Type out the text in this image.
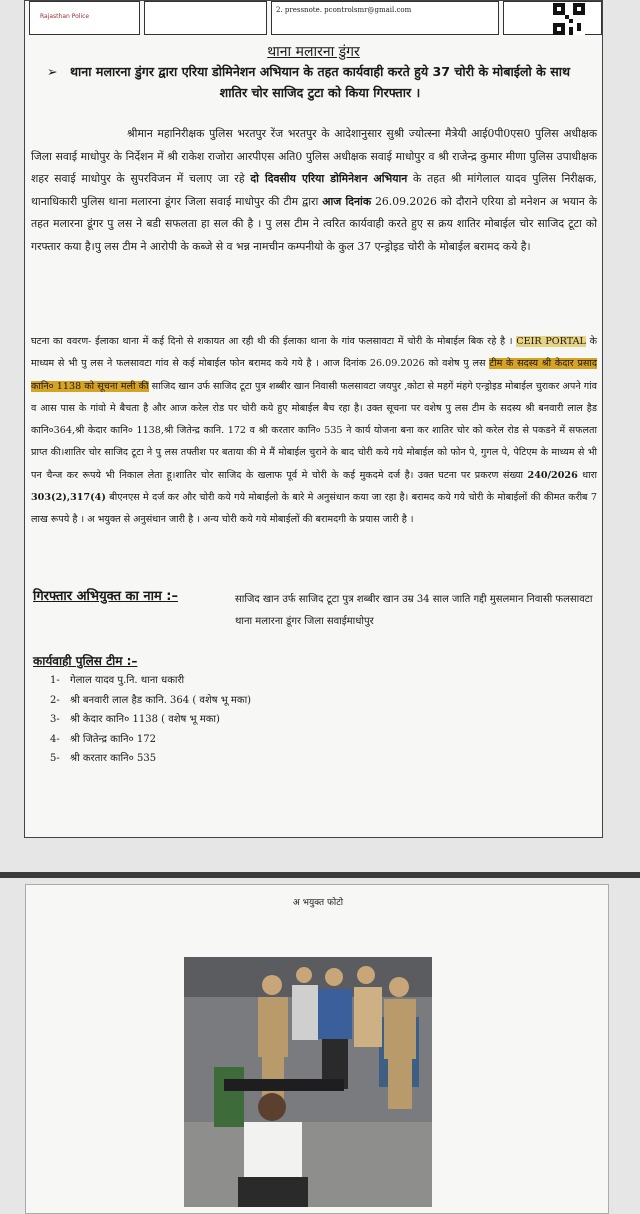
Rajasthan Police
2. pressnote. pcontrolsmr@gmail.com
थाना मलारना डुंगर
➢ थाना मलारना डुंगर द्वारा एरिया डोमिनेशन अभियान के तहत कार्यवाही करते हुये 37 चोरी के मोबाईलो के साथ शातिर चोर साजिद टुटा को किया गिरफ्तार ।
श्रीमान महानिरीक्षक पुलिस भरतपुर रेंज भरतपुर के आदेशानुसार सुश्री ज्योत्स्ना मैत्रेयी आई0पी0एस0 पुलिस अधीक्षक जिला सवाई माधोपुर के निर्देशन में श्री राकेश राजोरा आरपीएस अति0 पुलिस अधीक्षक सवाई माधोपुर व श्री राजेन्द्र कुमार मीणा पुलिस उपाधीक्षक शहर सवाई माधोपुर के सुपरविजन में चलाए जा रहे दो दिवसीय एरिया डोमिनेशन अभियान के तहत श्री मांगेलाल यादव पुलिस निरीक्षक, थानाधिकारी पुलिस थाना मलारना डूंगर जिला सवाई माधोपुर की टीम द्वारा आज दिनांक 26.09.2026 को दौराने एरिया डो मनेशन अ भयान के तहत मलारना डूंगर पु लस ने बडी सफलता हा सल की है । पु लस टीम ने त्वरित कार्यवाही करते हुए स क्रय शातिर मोबाईल चोर साजिद टूटा को गरफ्तार कया है।पु लस टीम ने आरोपी के कब्जे से व भन्न नामचीन कम्पनीयो के कुल 37 एन्ड्रोइड चोरी के मोबाईल बरामद कये है।
घटना का ववरण- ईलाका थाना में कई दिनो से शकायत आ रही थी की ईलाका थाना के गांव फलसावटा में चोरी के मोबाईल बिक रहे है । CEIR PORTAL के माध्यम से भी पु लस ने फलसावटा गांव से कई मोबाईल फोन बरामद कये गये है । आज दिनांक 26.09.2026 को वशेष पु लस टीम के सदस्य श्री केदार प्रसाद कानि० 1138 को सूचना मली की साजिद खान उर्फ साजिद टूटा पुत्र शब्बीर खान निवासी फलसावटा जयपुर ,कोटा से महगें मंहगे एन्ड्रोइड मोबाईल चुराकर अपने गांव व आस पास के गांवो मे बैचता है और आज करेल रोड पर चोरी कये हुए मोबाईल बैच रहा है। उक्त सूचना पर वशेष पु लस टीम के सदस्य श्री बनवारी लाल हैड कानि०364,श्री केदार कानि० 1138,श्री जितेन्द्र कानि. 172 व श्री करतार कानि० 535 ने कार्य योजना बना कर शातिर चोर को करेल रोड से पकडने में सफलता प्राप्त की।शातिर चोर साजिद टूटा ने पु लस तफ्तीश पर बताया की मे मैं मोबाईल चुराने के बाद चोरी कये गये मोबाईल को फोन पे, गुगल पे, पेटिएम के माध्यम से भी पन चैन्ज कर रूपये भी निकाल लेता हू।शातिर चोर साजिद के खलाफ पूर्व मे चोरी के कई मुकदमे दर्ज है। उक्त घटना पर प्रकरण संख्या 240/2026 धारा 303(2),317(4) बीएनएस मे दर्ज कर और चोरी कये गये मोबाईलो के बारे मे अनुसंधान कया जा रहा है। बरामद कये गये चोरी के मोबाईलों की कीमत करीब 7 लाख रूपये है । अ भयुक्त से अनुसंधान जारी है । अन्य चोरी कये गये मोबाईलों की बरामदगी के प्रयास जारी है ।
गिरफ्तार अभियुक्त का नाम :–	साजिद खान उर्फ साजिद टूटा पुत्र शब्बीर खान उम्र 34 साल जाति गद्दी मुसलमान निवासी फलसावटा थाना मलारना डूंगर जिला सवाईमाधोपुर
कार्यवाही पुलिस टीम :–
1- गेलाल यादव पु.नि. थाना धकारी
2- श्री बनवारी लाल हैड कानि. 364 ( वशेष भू मका)
3- श्री केदार कानि० 1138 ( वशेष भू मका)
4- श्री जितेन्द्र कानि० 172
5- श्री करतार कानि० 535
अ भयुक्त फोटो
